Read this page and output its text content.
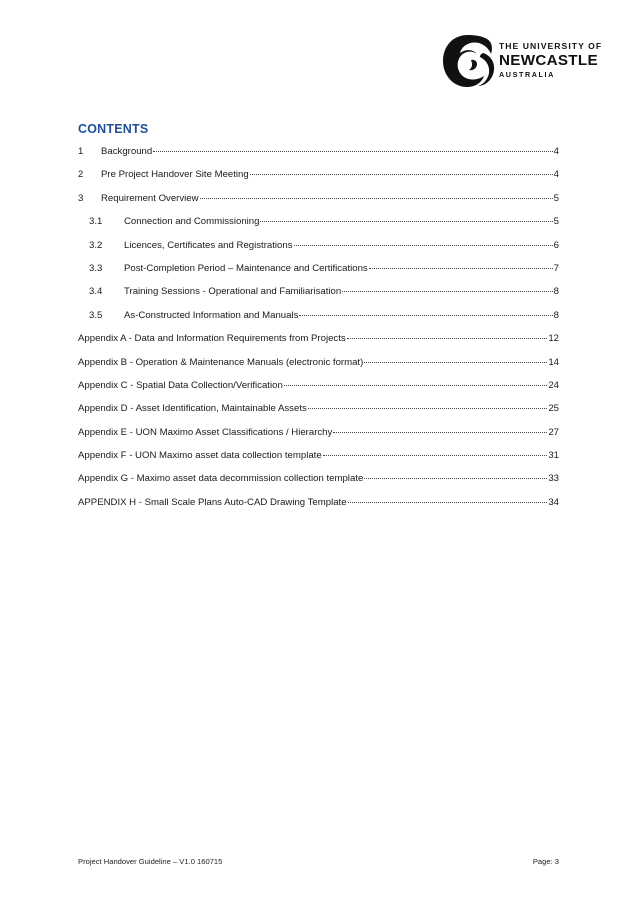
THE UNIVERSITY OF
NEWCASTLE
AUSTRALIA
CONTENTS
1	Background	4
2	Pre Project Handover Site Meeting	4
3	Requirement Overview	5
3.1	Connection and Commissioning	5
3.2	Licences, Certificates and Registrations	6
3.3	Post-Completion Period – Maintenance and Certifications	7
3.4	Training Sessions - Operational and Familiarisation	8
3.5	As-Constructed Information and Manuals	8
Appendix A - Data and Information Requirements from Projects	12
Appendix B - Operation & Maintenance Manuals (electronic format)	14
Appendix C - Spatial Data Collection/Verification	24
Appendix D - Asset Identification, Maintainable Assets	25
Appendix E - UON Maximo Asset Classifications / Hierarchy	27
Appendix F - UON Maximo asset data collection template	31
Appendix G - Maximo asset data decommission collection template	33
APPENDIX H - Small Scale Plans Auto-CAD Drawing Template	34
Project Handover Guideline – V1.0 160715	Page: 3
